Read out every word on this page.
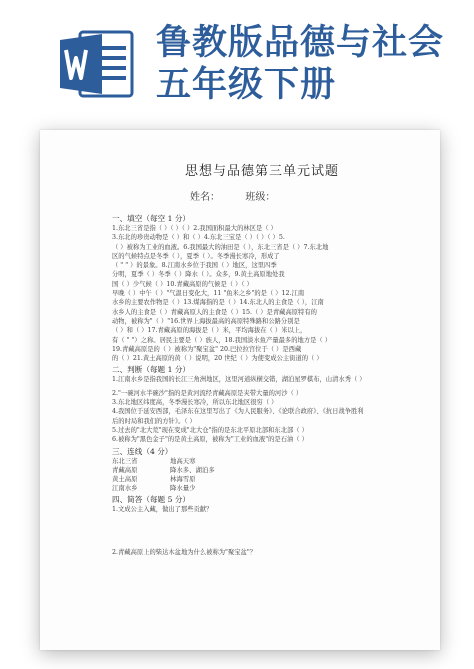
鲁教版品德与社会
五年级下册
思想与品德第三单元试题
姓名：        班级：
一、填空（每空 1 分）
1.东北三省是指（ ）（ ）（ ）2.我国面积最大的林区是（ ）
3.东北的珍贵动物是（ ）和（ ）4.东北三宝是（ ）（ ）（ ）5.
（ ）被称为工业的血液。6.我国最大的油田是（ ），东北三省是（ ）7.东北地
区的气候特点是冬季（ ），夏季（ ）。冬季漫长寒冷，形成了
（ " " ）的景象。8.江南水乡位于我国（ ）地区，这里四季
分明，夏季（ ）冬季（ ）降水（ ）。众多，9.黄土高原地处我
国（ ）少气候（ ）10.青藏高原的气候是（ ）（ ）
早晚（ ）中午（ ）"气温日变化大，11 "鱼米之乡"的是（ ）12.江南
水乡的主要农作物是（ ）13.煤海指的是（ ）14.东北人的主食是（ ），江南
水乡人的主食是（ ）青藏高原人的主食是（ ）15.（ ）是青藏高原特有的
动物，被称为"（ ）"16.世界上海拔最高的高原特殊路和公路分别是
（ ）和（ ）17.青藏高原的海拔是（ ）米，平均海拔在（ ）米以上，
有（ " "）之称。居民主要是（ ）族人，18.我国淡水鱼产量最多的地方是（ ）
19.青藏高原是的（ ）被称为"聚宝盆" 20.巴拉拉宫位于（ ）是西藏
的（ ）21.黄土高原的黄（ ）说明，20 世纪（ ）为使变成公主街道的（ ）
二、判断（每题 1 分）
1.江南水乡是指我国的长江三角洲地区，这里河道纵横交错，湖泊星罗棋布，山清水秀（ ）
2."一碗河水半碗沙"指的是黄河流经青藏高原是夹带大量的河沙（ ）
3.东北地区纬度高，冬季漫长寒冷，所以东北地区很穷（ ）
4.我国位于延安西部，毛泽东在这里写出了《为人民服务》、《论联合政府》、《抗日战争胜利
后的时局和我们的方针》。（ ）
5.过去的"北大荒"现在变成"北大仓"指的是东北平原北部和东北部（ ）
6.被称为"黑色金子"的是黄土高原，被称为"工业的血液"的是石油（ ）
三、连线（4 分）
东北三省	地高天寒
青藏高原	降水多、湖泊多
黄土高原	林海雪原
江南水乡	降水量少
四、简答（每题 5 分）
1.文成公主入藏，做出了那些贡献？
2.青藏高原上的柴达木盆地为什么被称为"聚宝盆"？
